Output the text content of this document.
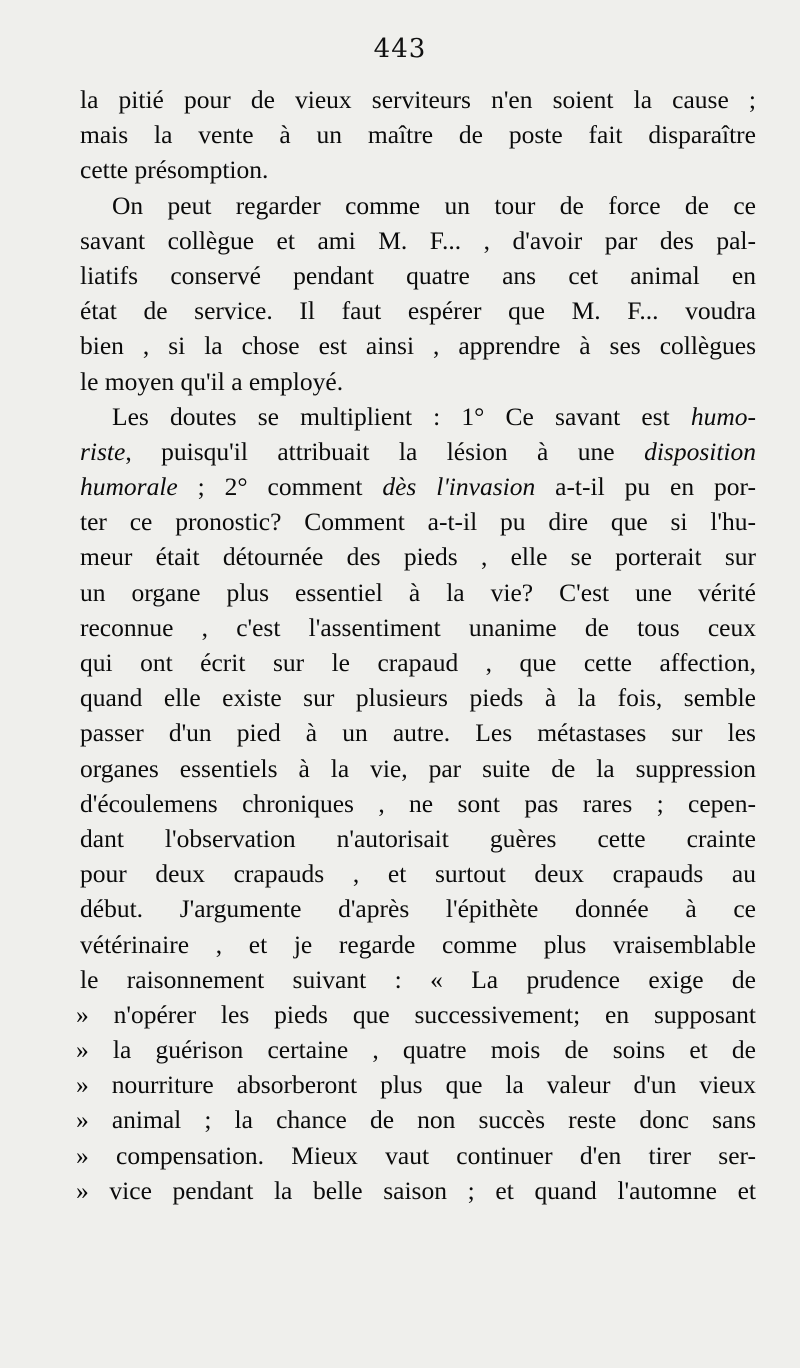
443
la pitié pour de vieux serviteurs n'en soient la cause ;
mais la vente à un maître de poste fait disparaître
cette présomption.
On peut regarder comme un tour de force de ce
savant collègue et ami M. F... , d'avoir par des pal-
liatifs conservé pendant quatre ans cet animal en
état de service. Il faut espérer que M. F... voudra
bien , si la chose est ainsi , apprendre à ses collègues
le moyen qu'il a employé.
Les doutes se multiplient : 1° Ce savant est humo-
riste, puisqu'il attribuait la lésion à une disposition
humorale ; 2° comment dès l'invasion a-t-il pu en por-
ter ce pronostic? Comment a-t-il pu dire que si l'hu-
meur était détournée des pieds , elle se porterait sur
un organe plus essentiel à la vie? C'est une vérité
reconnue , c'est l'assentiment unanime de tous ceux
qui ont écrit sur le crapaud , que cette affection,
quand elle existe sur plusieurs pieds à la fois, semble
passer d'un pied à un autre. Les métastases sur les
organes essentiels à la vie, par suite de la suppression
d'écoulemens chroniques , ne sont pas rares ; cepen-
dant l'observation n'autorisait guères cette crainte
pour deux crapauds , et surtout deux crapauds au
début. J'argumente d'après l'épithète donnée à ce
vétérinaire , et je regarde comme plus vraisemblable
le raisonnement suivant : « La prudence exige de
» n'opérer les pieds que successivement; en supposant
» la guérison certaine , quatre mois de soins et de
» nourriture absorberont plus que la valeur d'un vieux
» animal ; la chance de non succès reste donc sans
» compensation. Mieux vaut continuer d'en tirer ser-
» vice pendant la belle saison ; et quand l'automne et
